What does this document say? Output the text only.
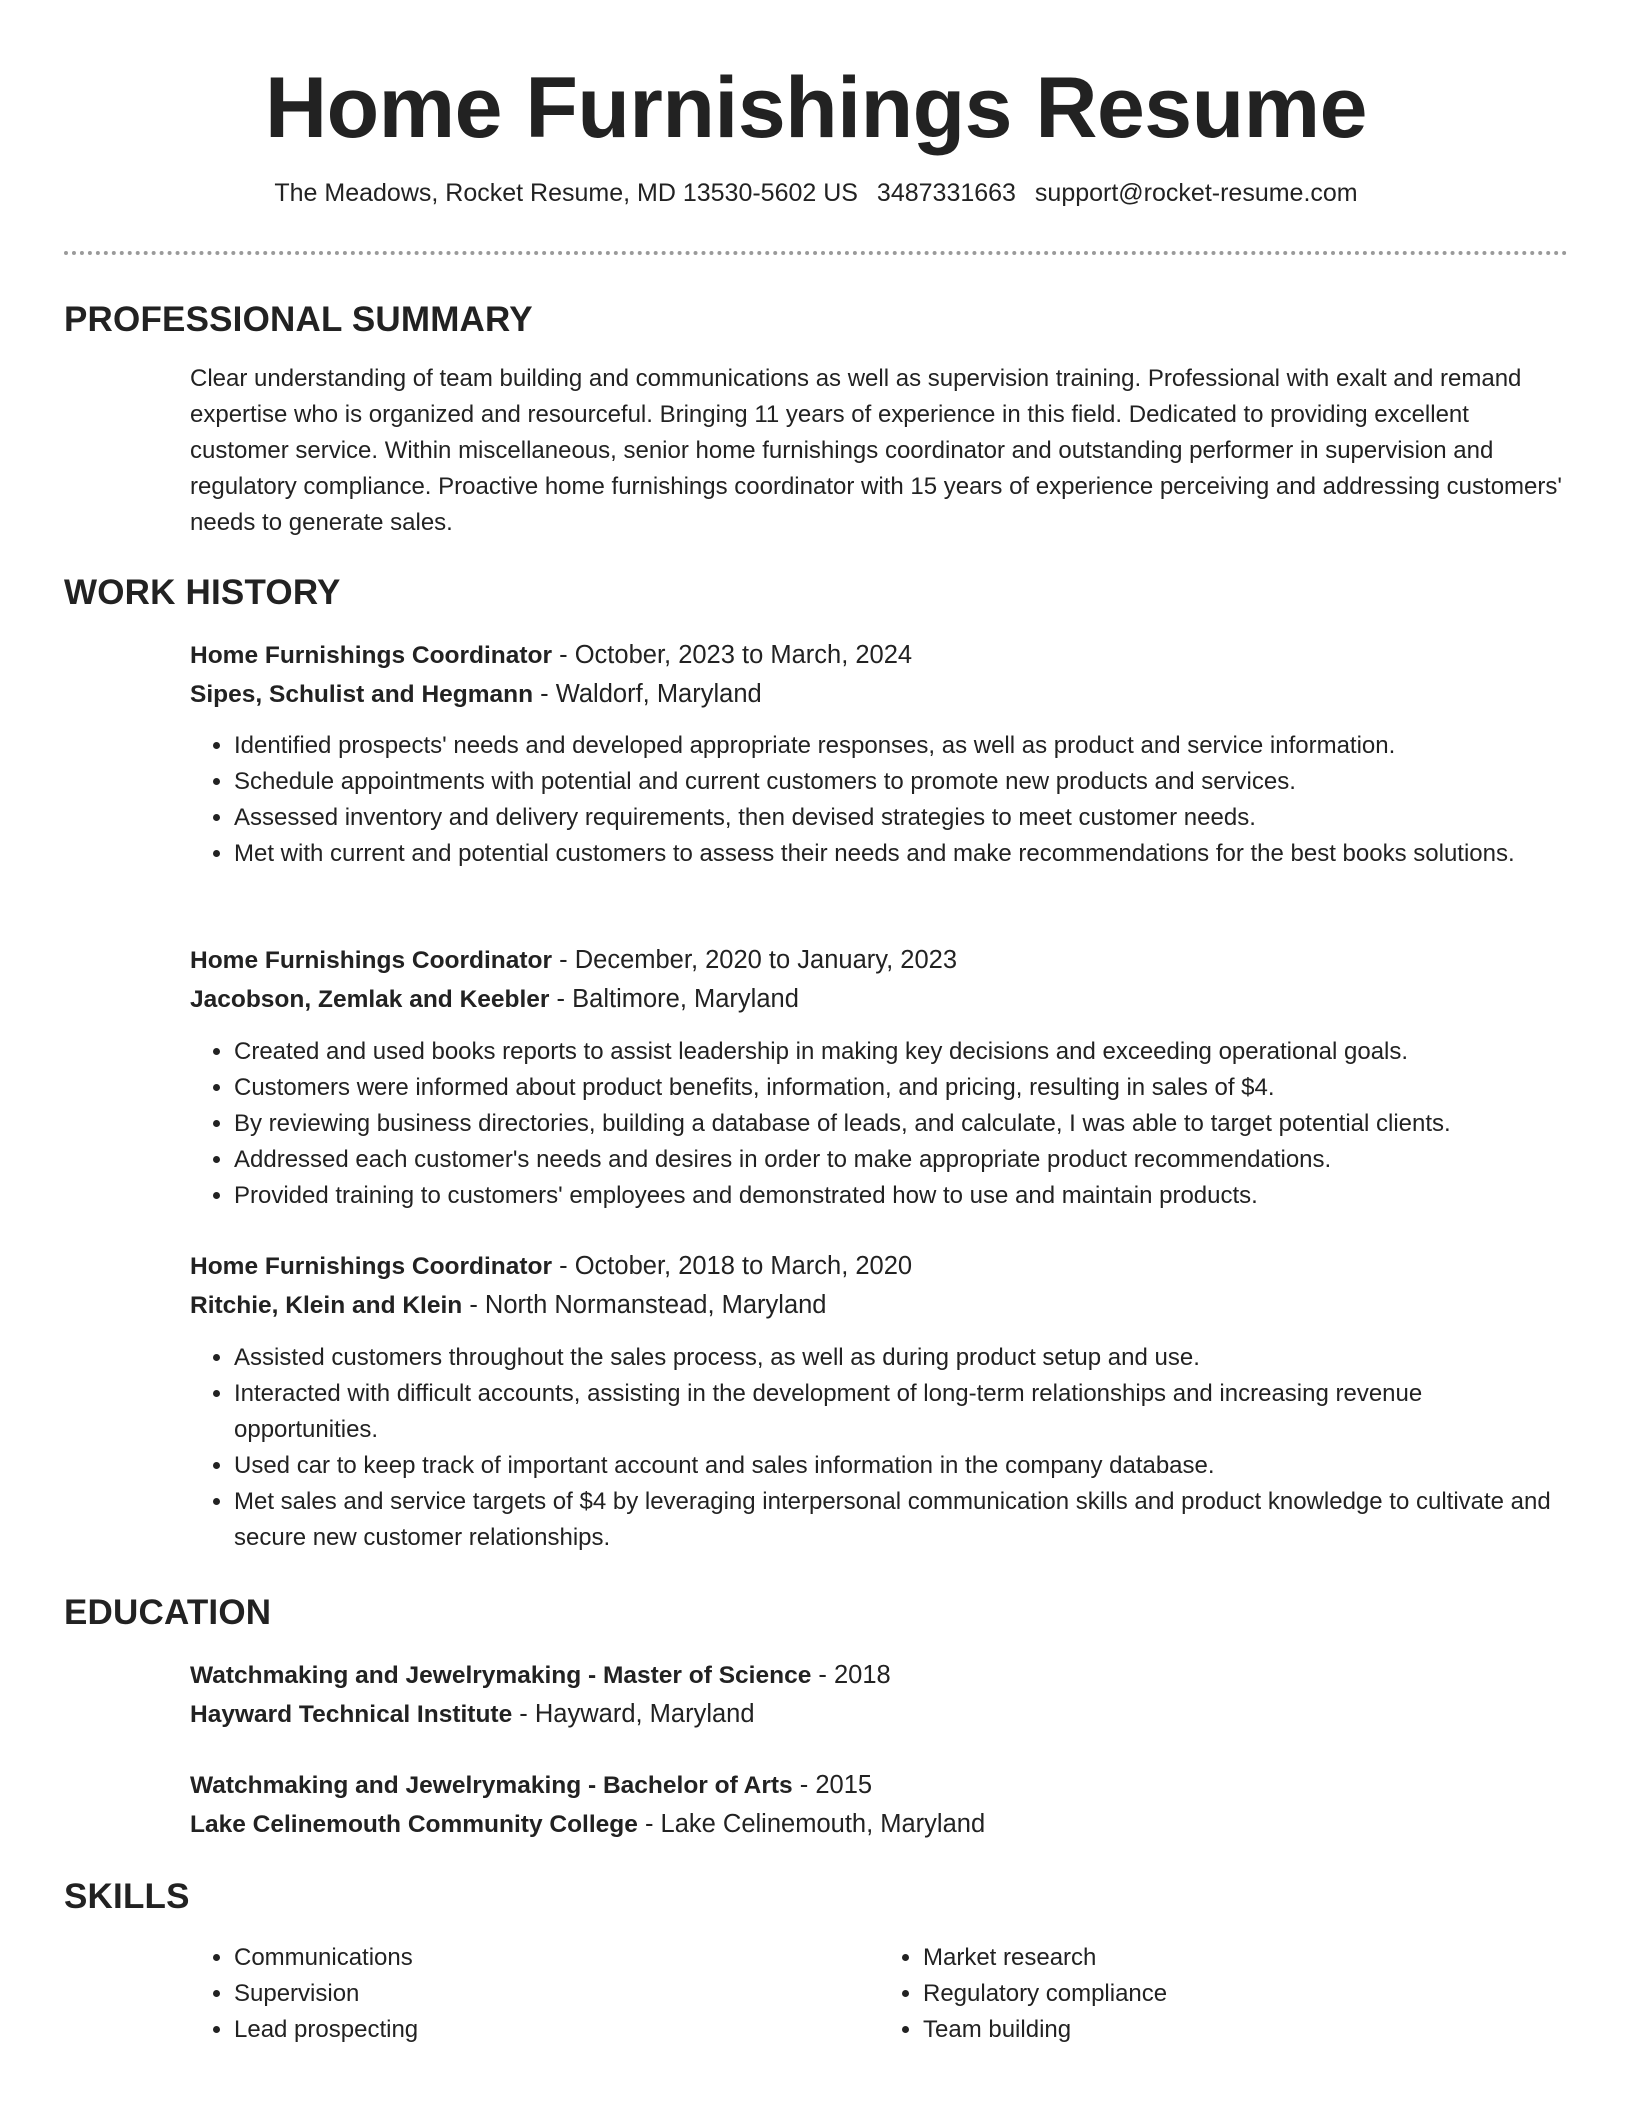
Home Furnishings Resume
The Meadows, Rocket Resume, MD 13530-5602 US 3487331663 support@rocket-resume.com
PROFESSIONAL SUMMARY
Clear understanding of team building and communications as well as supervision training. Professional with exalt and remand expertise who is organized and resourceful. Bringing 11 years of experience in this field. Dedicated to providing excellent customer service. Within miscellaneous, senior home furnishings coordinator and outstanding performer in supervision and regulatory compliance. Proactive home furnishings coordinator with 15 years of experience perceiving and addressing customers' needs to generate sales.
WORK HISTORY
Home Furnishings Coordinator - October, 2023 to March, 2024
Sipes, Schulist and Hegmann - Waldorf, Maryland
• Identified prospects' needs and developed appropriate responses, as well as product and service information.
• Schedule appointments with potential and current customers to promote new products and services.
• Assessed inventory and delivery requirements, then devised strategies to meet customer needs.
• Met with current and potential customers to assess their needs and make recommendations for the best books solutions.
Home Furnishings Coordinator - December, 2020 to January, 2023
Jacobson, Zemlak and Keebler - Baltimore, Maryland
• Created and used books reports to assist leadership in making key decisions and exceeding operational goals.
• Customers were informed about product benefits, information, and pricing, resulting in sales of $4.
• By reviewing business directories, building a database of leads, and calculate, I was able to target potential clients.
• Addressed each customer's needs and desires in order to make appropriate product recommendations.
• Provided training to customers' employees and demonstrated how to use and maintain products.
Home Furnishings Coordinator - October, 2018 to March, 2020
Ritchie, Klein and Klein - North Normanstead, Maryland
• Assisted customers throughout the sales process, as well as during product setup and use.
• Interacted with difficult accounts, assisting in the development of long-term relationships and increasing revenue opportunities.
• Used car to keep track of important account and sales information in the company database.
• Met sales and service targets of $4 by leveraging interpersonal communication skills and product knowledge to cultivate and secure new customer relationships.
EDUCATION
Watchmaking and Jewelrymaking - Master of Science - 2018
Hayward Technical Institute - Hayward, Maryland
Watchmaking and Jewelrymaking - Bachelor of Arts - 2015
Lake Celinemouth Community College - Lake Celinemouth, Maryland
SKILLS
• Communications
• Supervision
• Lead prospecting
• Market research
• Regulatory compliance
• Team building
